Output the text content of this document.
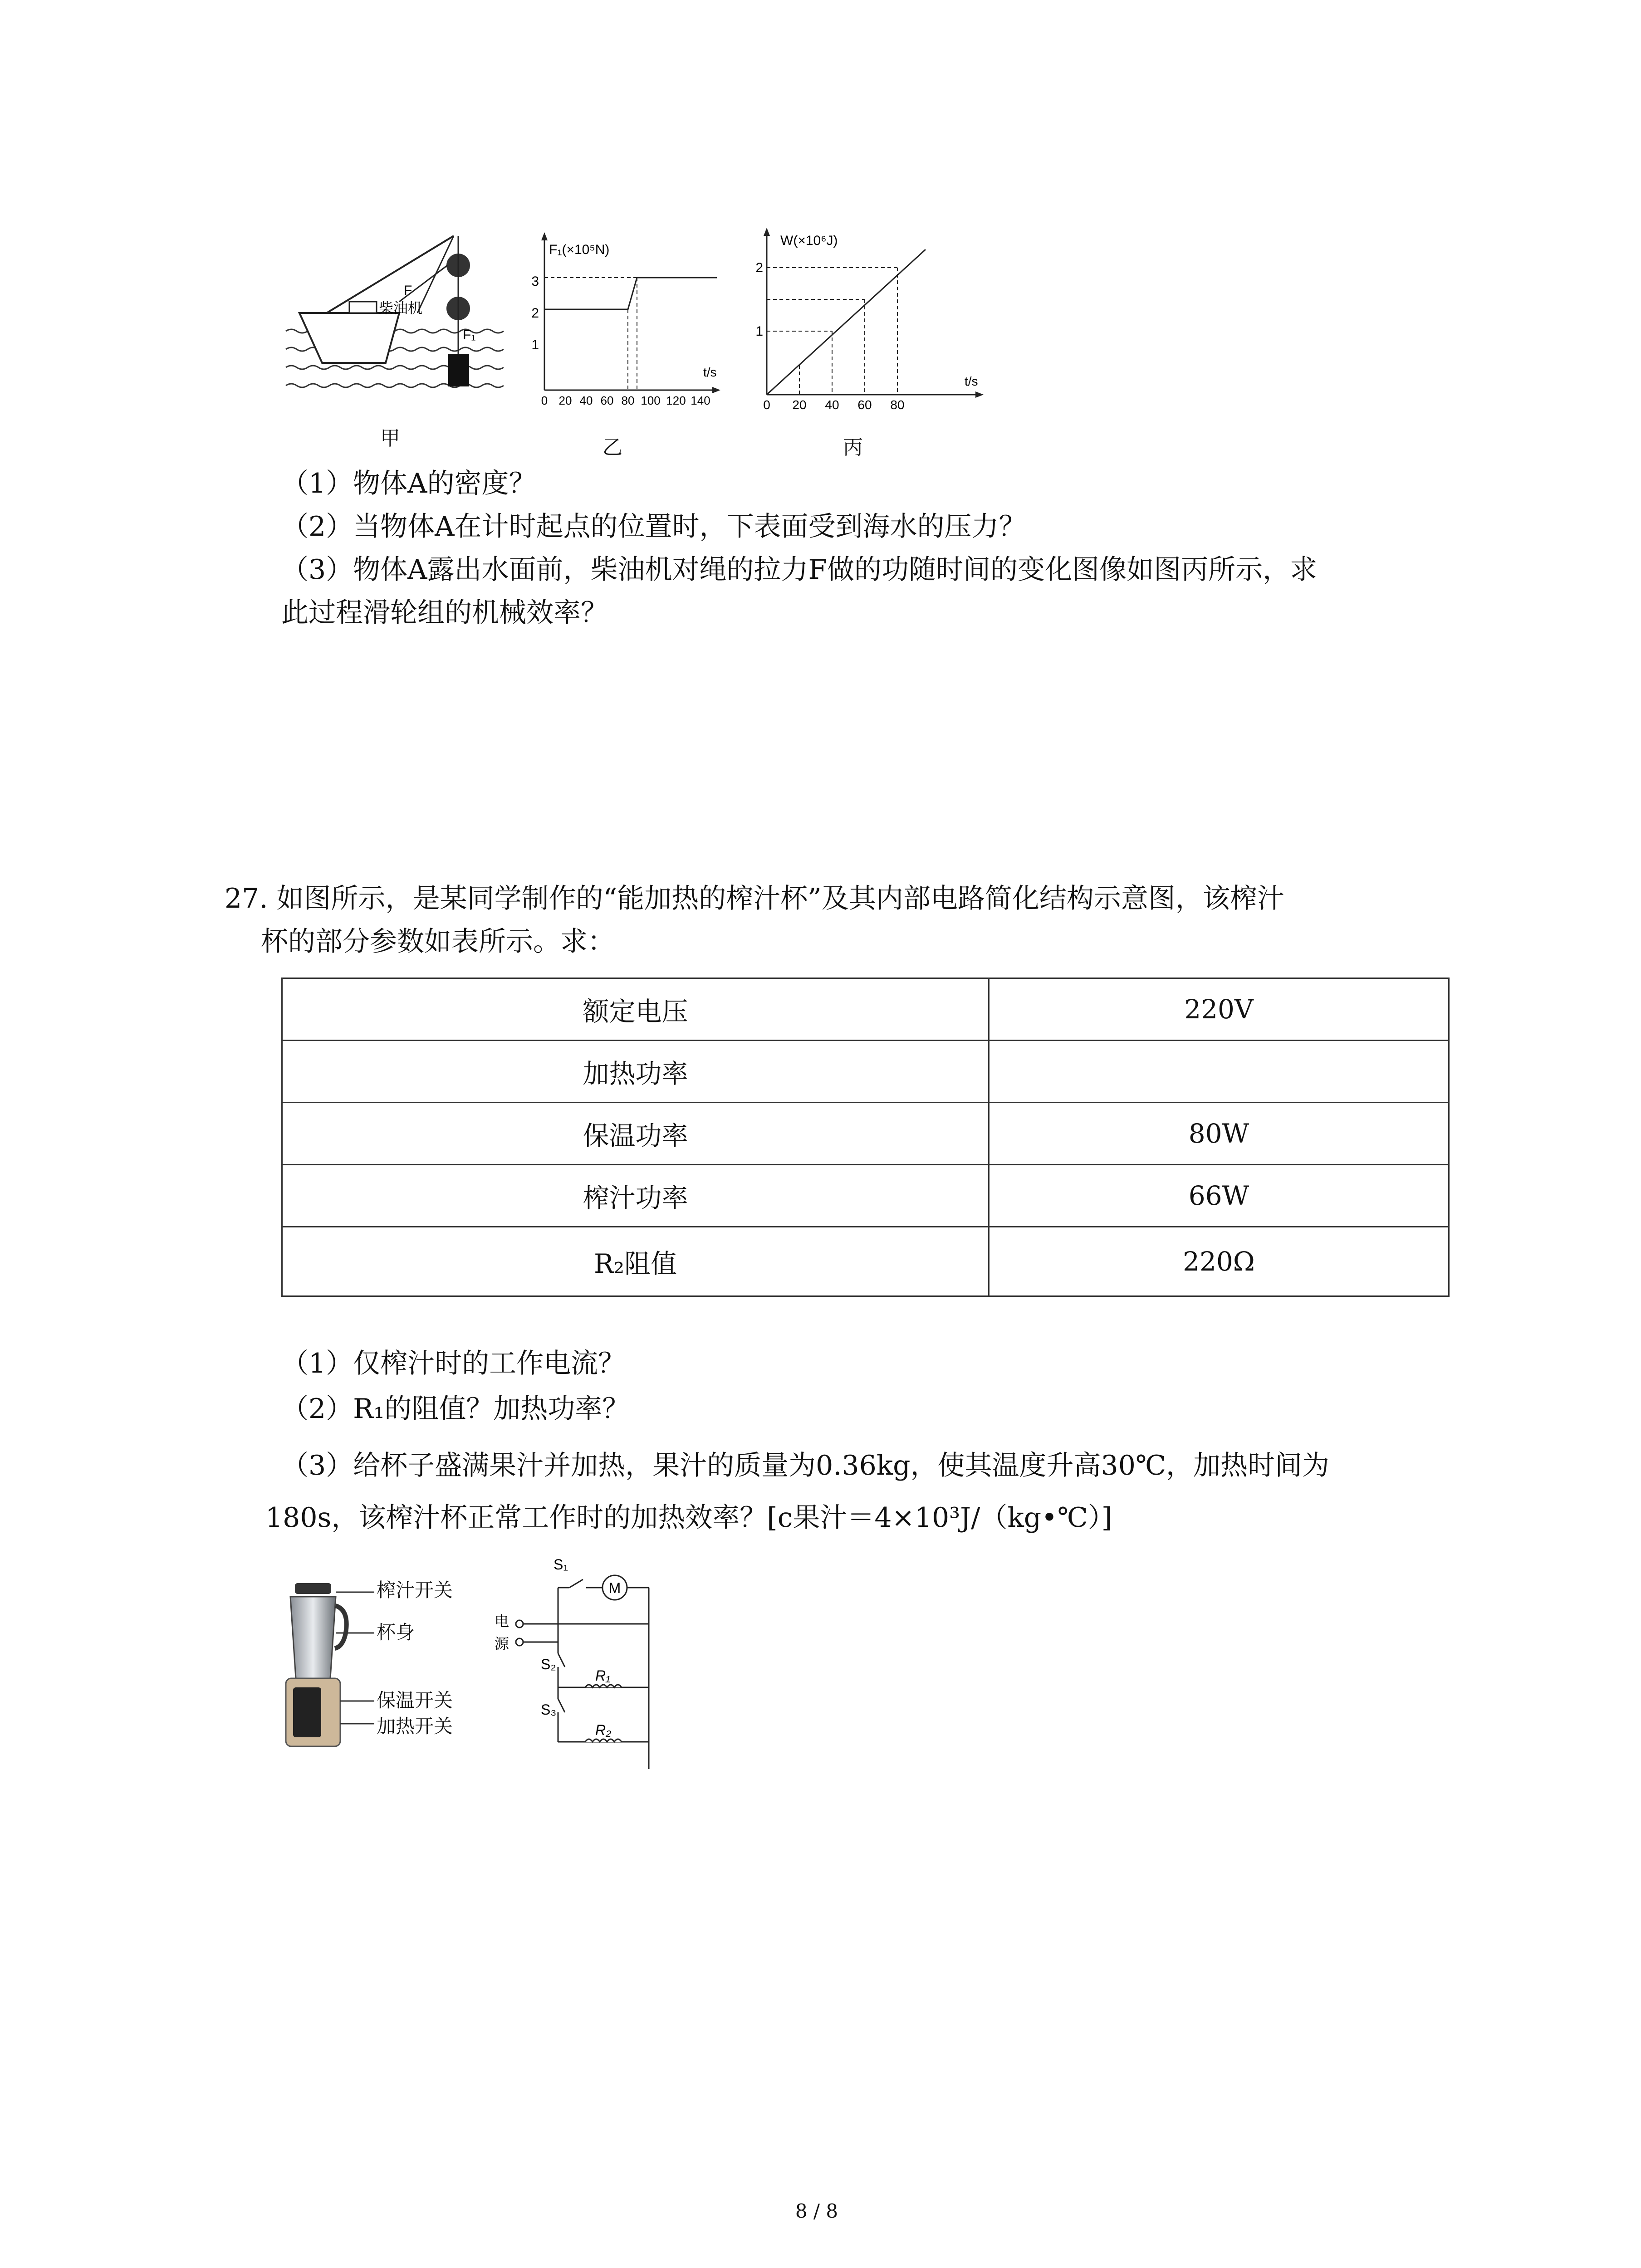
柴油机
F
F₁
甲
F₁(×10⁵N)
t/s
1
2
3
0 20 40 60 80 100 120 140
乙
W(×10⁶J)
t/s
1
2
0 20 40 60 80
丙
（1）物体A的密度？
（2）当物体A在计时起点的位置时，下表面受到海水的压力？
（3）物体A露出水面前，柴油机对绳的拉力F做的功随时间的变化图像如图丙所示，求
此过程滑轮组的机械效率？
27. 如图所示，是某同学制作的“能加热的榨汁杯”及其内部电路简化结构示意图，该榨汁
杯的部分参数如表所示。求：
额定电压	220V
加热功率	
保温功率	80W
榨汁功率	66W
R₂阻值	220Ω
（1）仅榨汁时的工作电流？
（2）R₁的阻值？加热功率？
（3）给杯子盛满果汁并加热，果汁的质量为0.36kg，使其温度升高30℃，加热时间为
180s，该榨汁杯正常工作时的加热效率？[c果汁＝4×10³J/（kg•℃）]
榨汁开关
杯身
保温开关
加热开关
M
S₁
S₂
S₃
R₁
R₂
电
源
8 / 8
